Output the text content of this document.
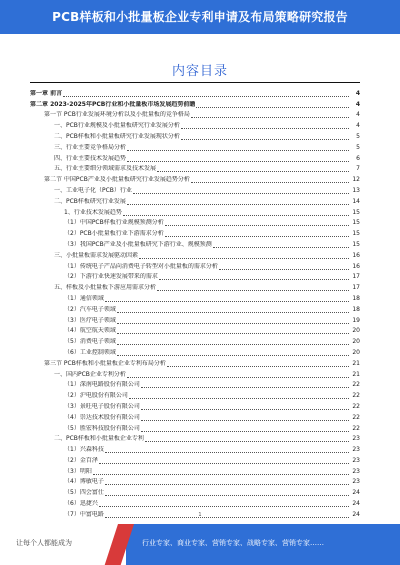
PCB样板和小批量板企业专利申请及布局策略研究报告
内容目录
第一章 前言	4
第二章 2023-2025年PCB行业和小批量板市场发展趋势前瞻	4
第一节 PCB行业发展环境分析以及小批量板的竞争格局	4
一、PCB行业规模及小批量板研究行业发展分析	4
二、PCB样板和小批量板研究行业发展现状分析	5
三、行业主要竞争格局分析	5
四、行业主要技术发展趋势	6
五、行业主要细分领域需求及技术发展	7
第二节 中国PCB产业及小批量板研究行业发展趋势分析	12
一、工业电子化（PCB）行业	13
二、PCB样板研究行业发展	14
1、行业技术发展趋势	15
（1）中国PCB样板行业规模预测分析	15
（2）PCB小批量板行业下游需求分析	15
（3）我国PCB产业及小批量板研究下游行业、规模预测	15
三、小批量板需求发展驱动因素	16
（1）传统电子产品向消费电子转型对小批量板的需求分析	16
（2）下游行业快速发展带来的需求	17
五、样板及小批量板下游应用需求分析	17
（1）通信领域	18
（2）汽车电子领域	18
（3）医疗电子领域	19
（4）航空航天领域	20
（5）消费电子领域	20
（6）工业控制领域	20
第三节 PCB样板和小批量板企业专利布局分析	21
一、国内PCB企业专利分析	21
（1）深南电路股份有限公司	22
（2）沪电股份有限公司	22
（3）景旺电子股份有限公司	22
（4）崇达技术股份有限公司	22
（5）胜宏科技股份有限公司	22
二、PCB样板和小批量板企业专利	23
（1）兴森科技	23
（2）金百泽	23
（3）明阳	23
（4）博敏电子	23
（5）四会富仕	24
（6）迅捷兴	24
（7）中富电路	24
1
让每个人都能成为	行业专家、商业专家、营销专家、战略专家、营销专家……
